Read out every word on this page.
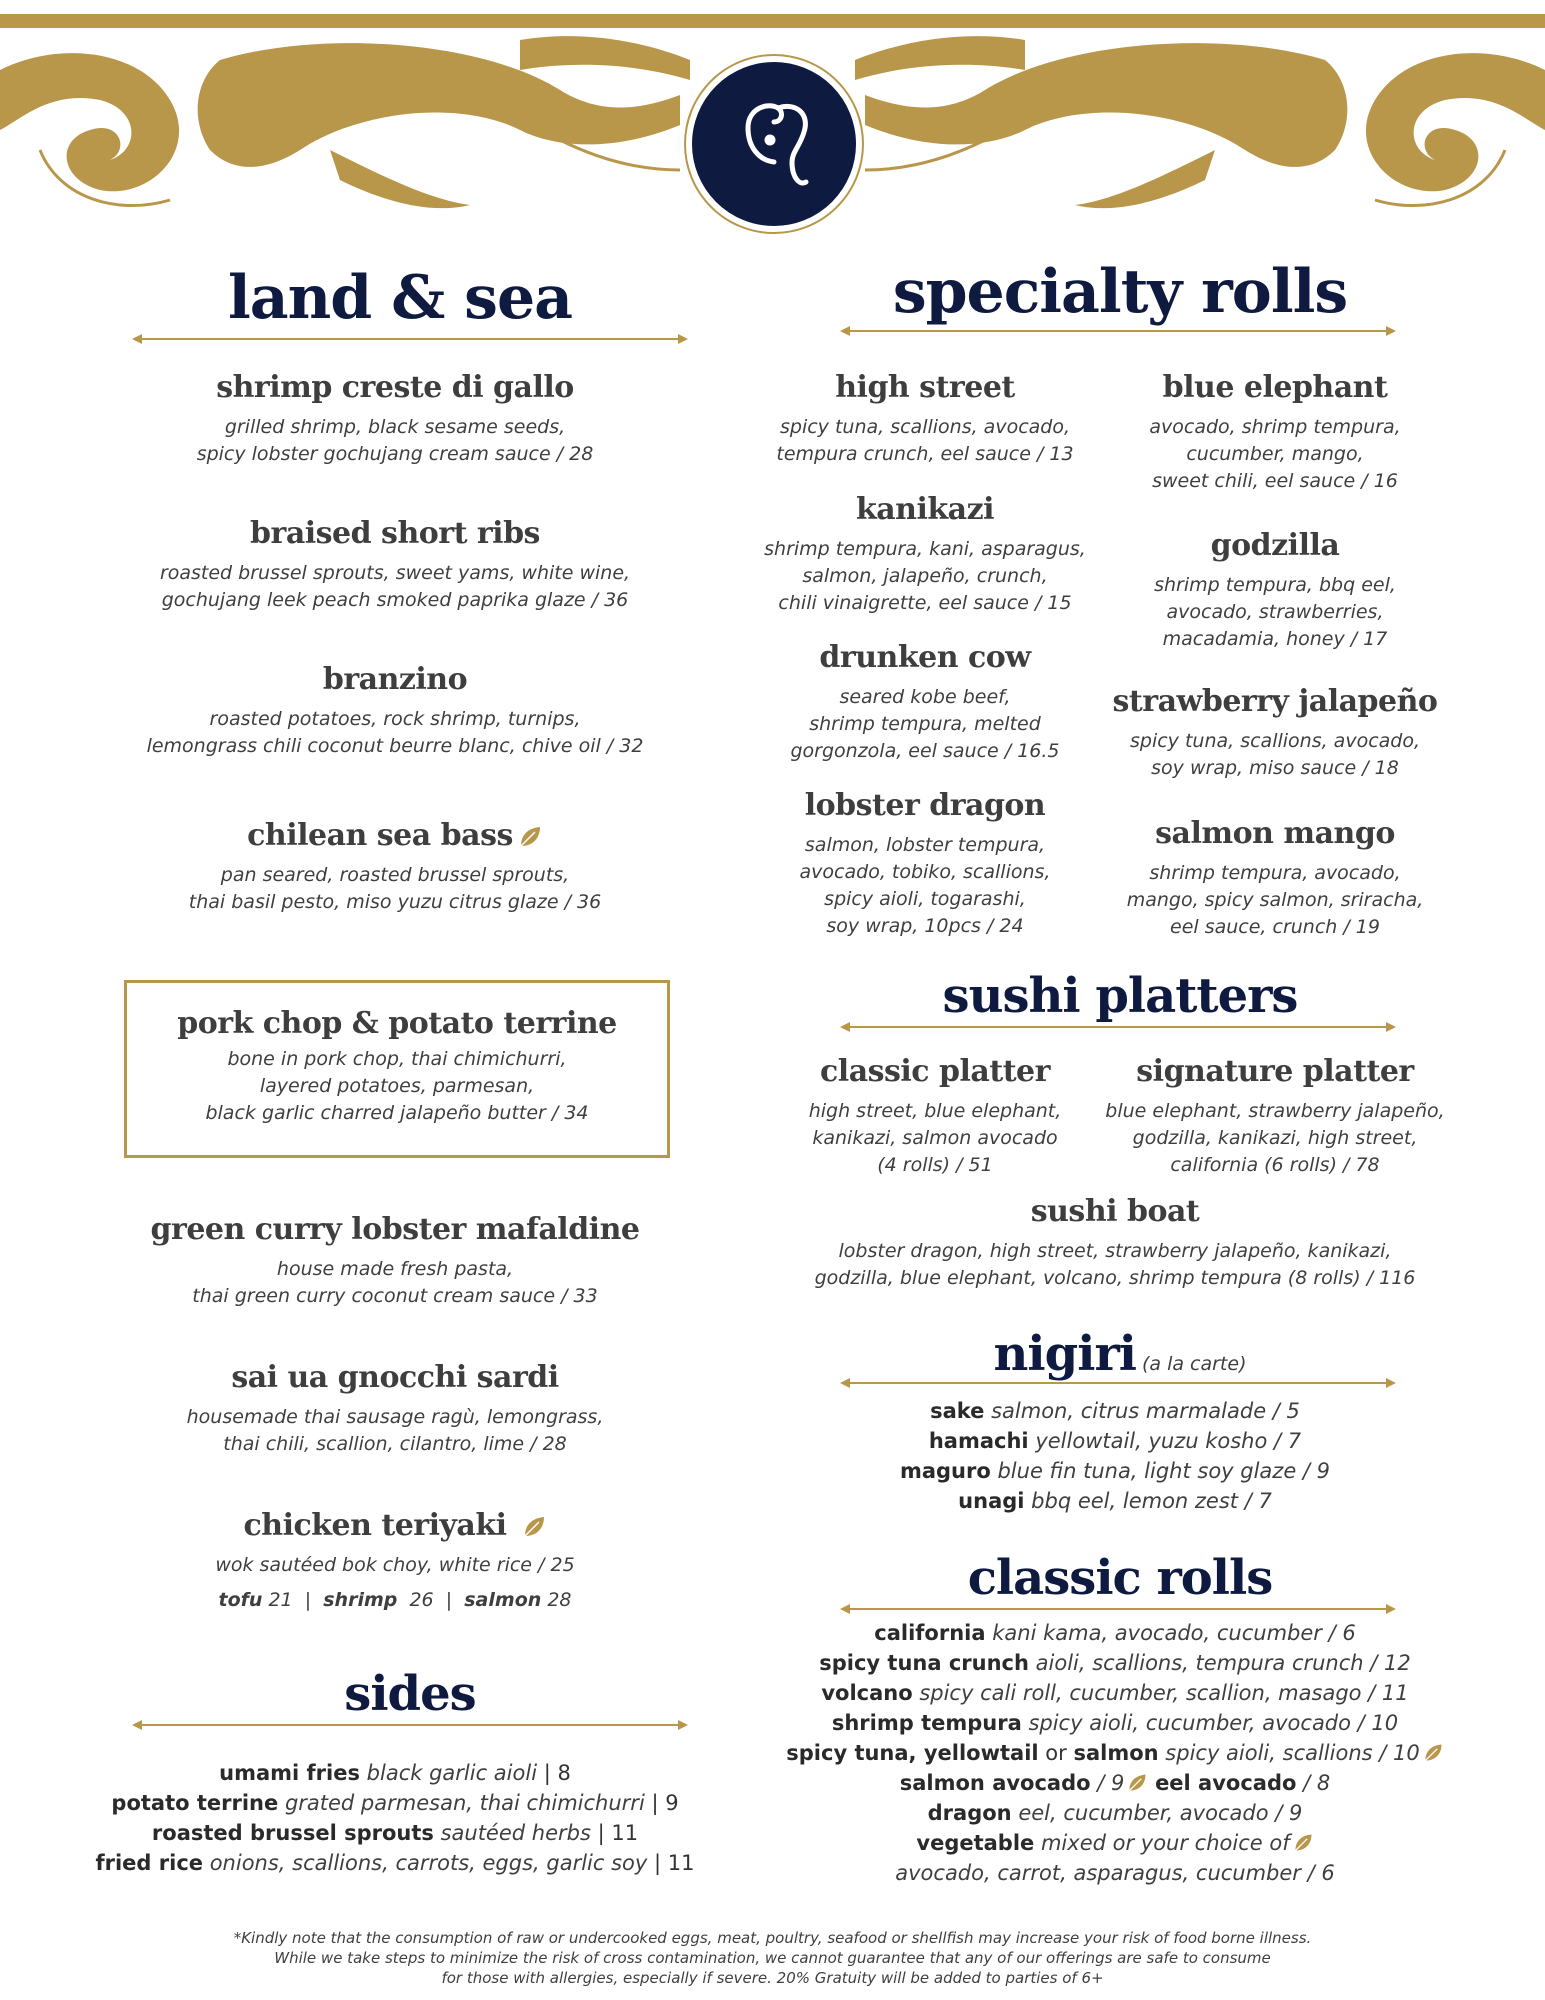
land & sea
shrimp creste di gallo
grilled shrimp, black sesame seeds,
spicy lobster gochujang cream sauce / 28
braised short ribs
roasted brussel sprouts, sweet yams, white wine,
gochujang leek peach smoked paprika glaze / 36
branzino
roasted potatoes, rock shrimp, turnips,
lemongrass chili coconut beurre blanc, chive oil / 32
chilean sea bass
pan seared, roasted brussel sprouts,
thai basil pesto, miso yuzu citrus glaze / 36
pork chop & potato terrine
bone in pork chop, thai chimichurri,
layered potatoes, parmesan,
black garlic charred jalapeño butter / 34
green curry lobster mafaldine
house made fresh pasta,
thai green curry coconut cream sauce / 33
sai ua gnocchi sardi
housemade thai sausage ragù, lemongrass,
thai chili, scallion, cilantro, lime / 28
chicken teriyaki
wok sautéed bok choy, white rice / 25
tofu 21 | shrimp 26 | salmon 28
sides
umami fries black garlic aioli | 8
potato terrine grated parmesan, thai chimichurri | 9
roasted brussel sprouts sautéed herbs | 11
fried rice onions, scallions, carrots, eggs, garlic soy | 11
specialty rolls
high street
spicy tuna, scallions, avocado,
tempura crunch, eel sauce / 13
kanikazi
shrimp tempura, kani, asparagus,
salmon, jalapeño, crunch,
chili vinaigrette, eel sauce / 15
drunken cow
seared kobe beef,
shrimp tempura, melted
gorgonzola, eel sauce / 16.5
lobster dragon
salmon, lobster tempura,
avocado, tobiko, scallions,
spicy aioli, togarashi,
soy wrap, 10pcs / 24
blue elephant
avocado, shrimp tempura,
cucumber, mango,
sweet chili, eel sauce / 16
godzilla
shrimp tempura, bbq eel,
avocado, strawberries,
macadamia, honey / 17
strawberry jalapeño
spicy tuna, scallions, avocado,
soy wrap, miso sauce / 18
salmon mango
shrimp tempura, avocado,
mango, spicy salmon, sriracha,
eel sauce, crunch / 19
sushi platters
classic platter
high street, blue elephant,
kanikazi, salmon avocado
(4 rolls) / 51
signature platter
blue elephant, strawberry jalapeño,
godzilla, kanikazi, high street,
california (6 rolls) / 78
sushi boat
lobster dragon, high street, strawberry jalapeño, kanikazi,
godzilla, blue elephant, volcano, shrimp tempura (8 rolls) / 116
nigiri (a la carte)
sake salmon, citrus marmalade / 5
hamachi yellowtail, yuzu kosho / 7
maguro blue fin tuna, light soy glaze / 9
unagi bbq eel, lemon zest / 7
classic rolls
california kani kama, avocado, cucumber / 6
spicy tuna crunch aioli, scallions, tempura crunch / 12
volcano spicy cali roll, cucumber, scallion, masago / 11
shrimp tempura spicy aioli, cucumber, avocado / 10
spicy tuna, yellowtail or salmon spicy aioli, scallions / 10
salmon avocado / 9 eel avocado / 8
dragon eel, cucumber, avocado / 9
vegetable mixed or your choice of
avocado, carrot, asparagus, cucumber / 6
*Kindly note that the consumption of raw or undercooked eggs, meat, poultry, seafood or shellfish may increase your risk of food borne illness.
While we take steps to minimize the risk of cross contamination, we cannot guarantee that any of our offerings are safe to consume
for those with allergies, especially if severe. 20% Gratuity will be added to parties of 6+
